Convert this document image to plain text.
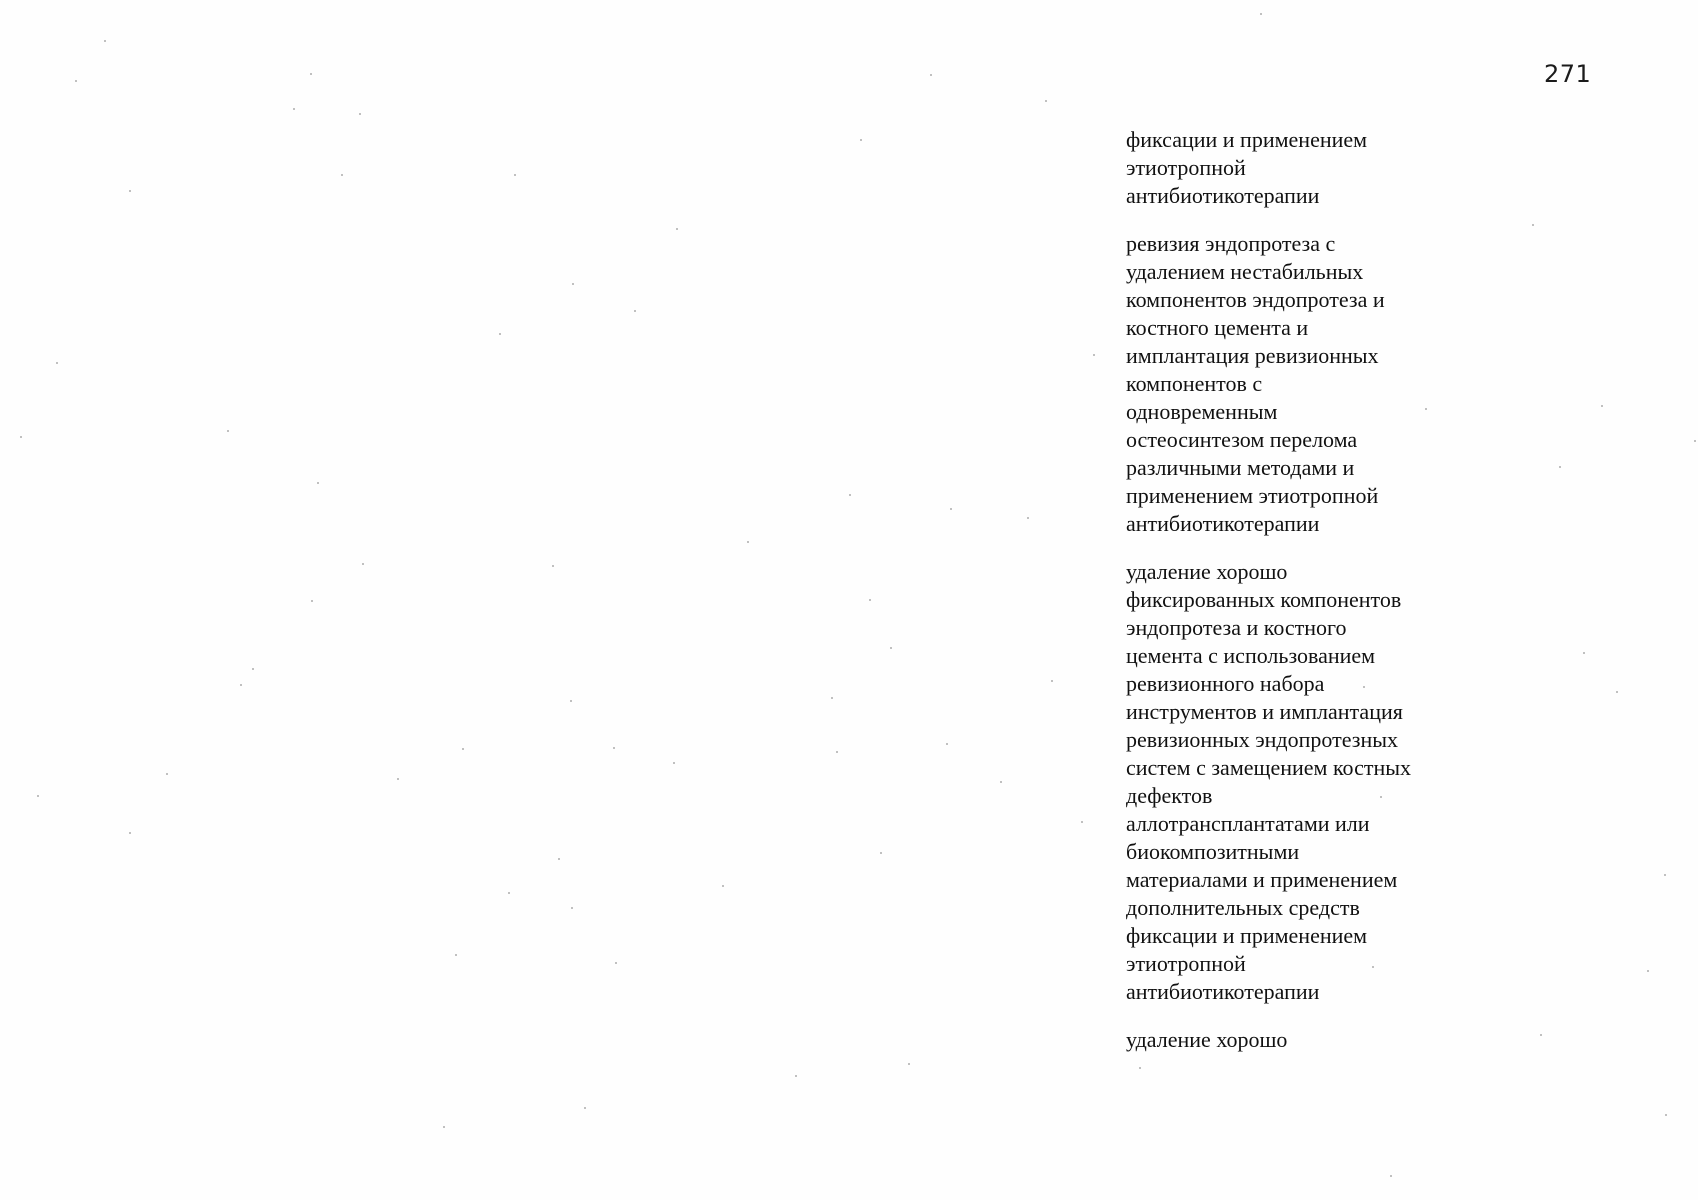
271

фиксации и применением
этиотропной
антибиотикотерапии

ревизия эндопротеза с
удалением нестабильных
компонентов эндопротеза и
костного цемента и
имплантация ревизионных
компонентов с
одновременным
остеосинтезом перелома
различными методами и
применением этиотропной
антибиотикотерапии

удаление хорошо
фиксированных компонентов
эндопротеза и костного
цемента с использованием
ревизионного набора
инструментов и имплантация
ревизионных эндопротезных
систем с замещением костных
дефектов
аллотрансплантатами или
биокомпозитными
материалами и применением
дополнительных средств
фиксации и применением
этиотропной
антибиотикотерапии

удаление хорошо
